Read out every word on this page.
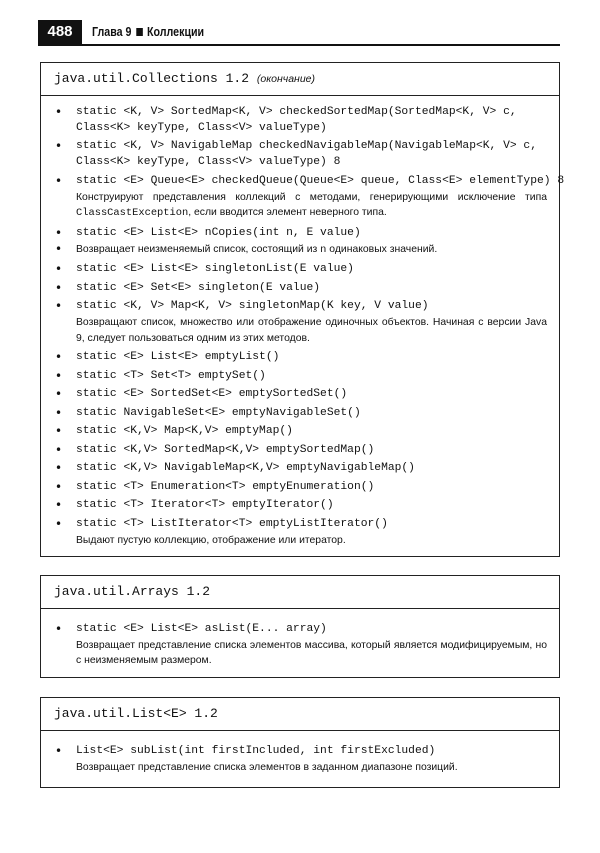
488	Глава 9 Коллекции
java.util.Collections 1.2 (окончание)
• static <K, V> SortedMap<K, V> checkedSortedMap(SortedMap<K, V> c,
Class<K> keyType, Class<V> valueType)
• static <K, V> NavigableMap checkedNavigableMap(NavigableMap<K, V> c,
Class<K> keyType, Class<V> valueType) 8
• static <E> Queue<E> checkedQueue(Queue<E> queue, Class<E> elementType) 8
Конструируют представления коллекций с методами, генерирующими исключение типа ClassCastException, если вводится элемент неверного типа.
• static <E> List<E> nCopies(int n, E value)
• Возвращает неизменяемый список, состоящий из n одинаковых значений.
• static <E> List<E> singletonList(E value)
• static <E> Set<E> singleton(E value)
• static <K, V> Map<K, V> singletonMap(K key, V value)
Возвращают список, множество или отображение одиночных объектов. Начиная с версии Java 9, следует пользоваться одним из этих методов.
• static <E> List<E> emptyList()
• static <T> Set<T> emptySet()
• static <E> SortedSet<E> emptySortedSet()
• static NavigableSet<E> emptyNavigableSet()
• static <K,V> Map<K,V> emptyMap()
• static <K,V> SortedMap<K,V> emptySortedMap()
• static <K,V> NavigableMap<K,V> emptyNavigableMap()
• static <T> Enumeration<T> emptyEnumeration()
• static <T> Iterator<T> emptyIterator()
• static <T> ListIterator<T> emptyListIterator()
Выдают пустую коллекцию, отображение или итератор.
java.util.Arrays 1.2
• static <E> List<E> asList(E... array)
Возвращает представление списка элементов массива, который является модифицируемым, но с неизменяемым размером.
java.util.List<E> 1.2
• List<E> subList(int firstIncluded, int firstExcluded)
Возвращает представление списка элементов в заданном диапазоне позиций.
